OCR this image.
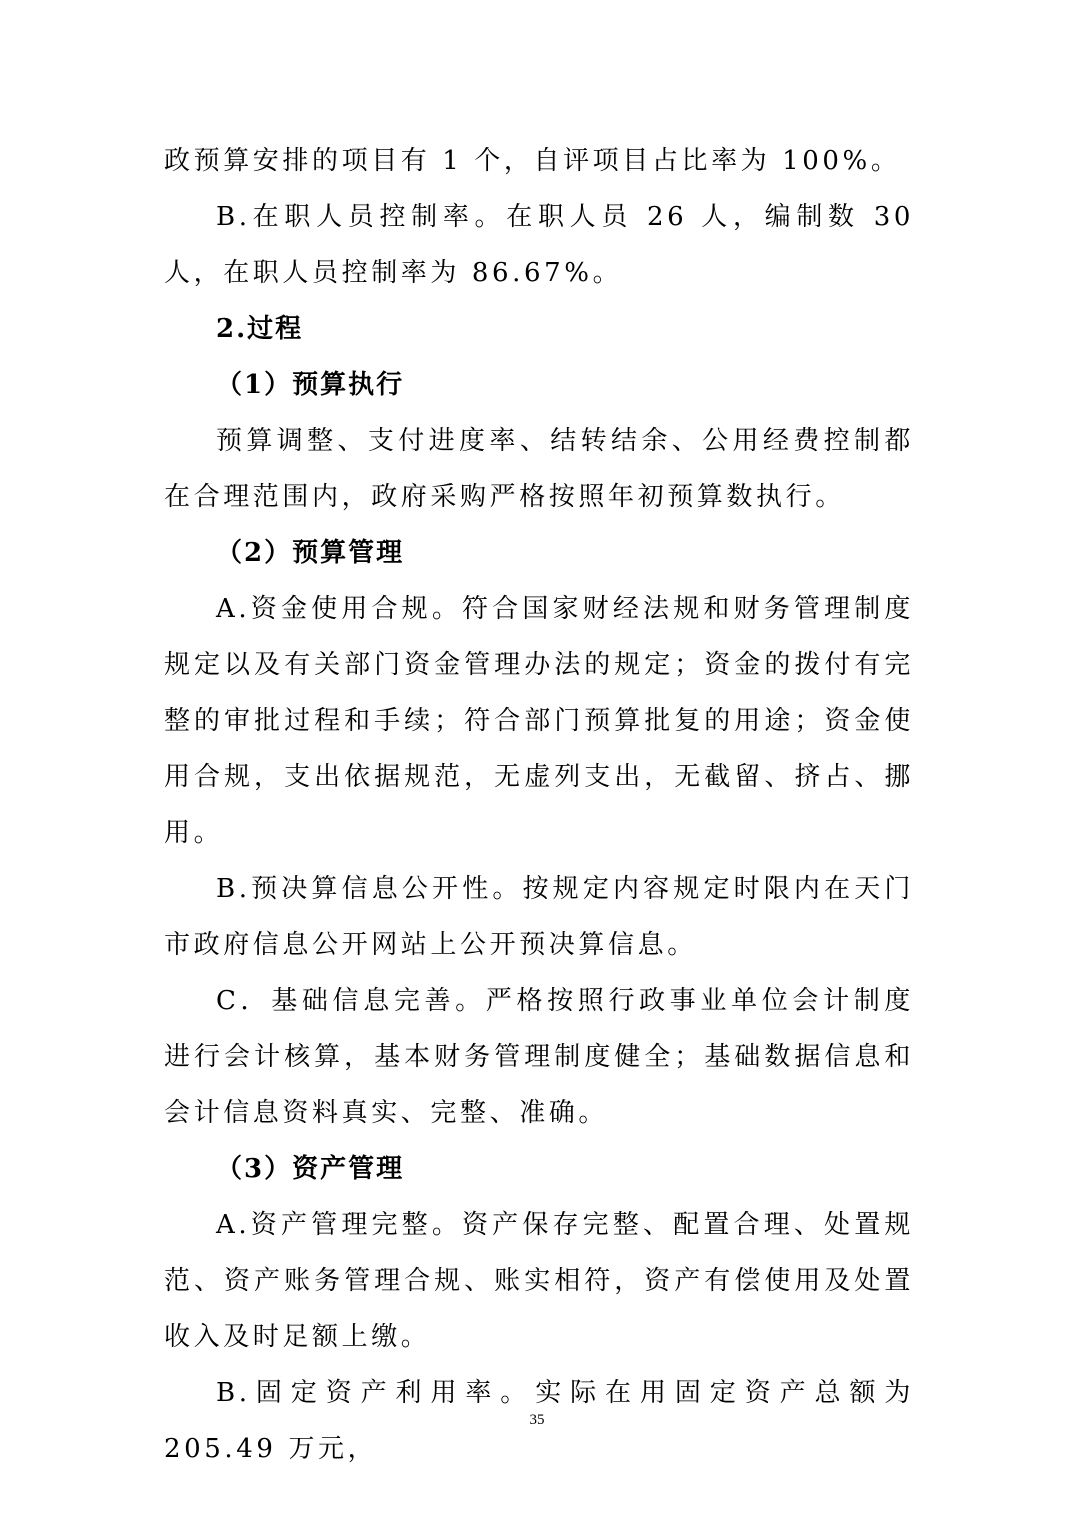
政预算安排的项目有 1 个，自评项目占比率为 100%。

B.在职人员控制率。在职人员 26 人，编制数 30 人，在职人员控制率为 86.67%。

2.过程
（1）预算执行

预算调整、支付进度率、结转结余、公用经费控制都在合理范围内，政府采购严格按照年初预算数执行。

（2）预算管理

A.资金使用合规。符合国家财经法规和财务管理制度规定以及有关部门资金管理办法的规定；资金的拨付有完整的审批过程和手续；符合部门预算批复的用途；资金使用合规，支出依据规范，无虚列支出，无截留、挤占、挪用。

B.预决算信息公开性。按规定内容规定时限内在天门市政府信息公开网站上公开预决算信息。

C．基础信息完善。严格按照行政事业单位会计制度进行会计核算，基本财务管理制度健全；基础数据信息和会计信息资料真实、完整、准确。

（3）资产管理

A.资产管理完整。资产保存完整、配置合理、处置规范、资产账务管理合规、账实相符，资产有偿使用及处置收入及时足额上缴。

B.固定资产利用率。实际在用固定资产总额为 205.49 万元，

35
